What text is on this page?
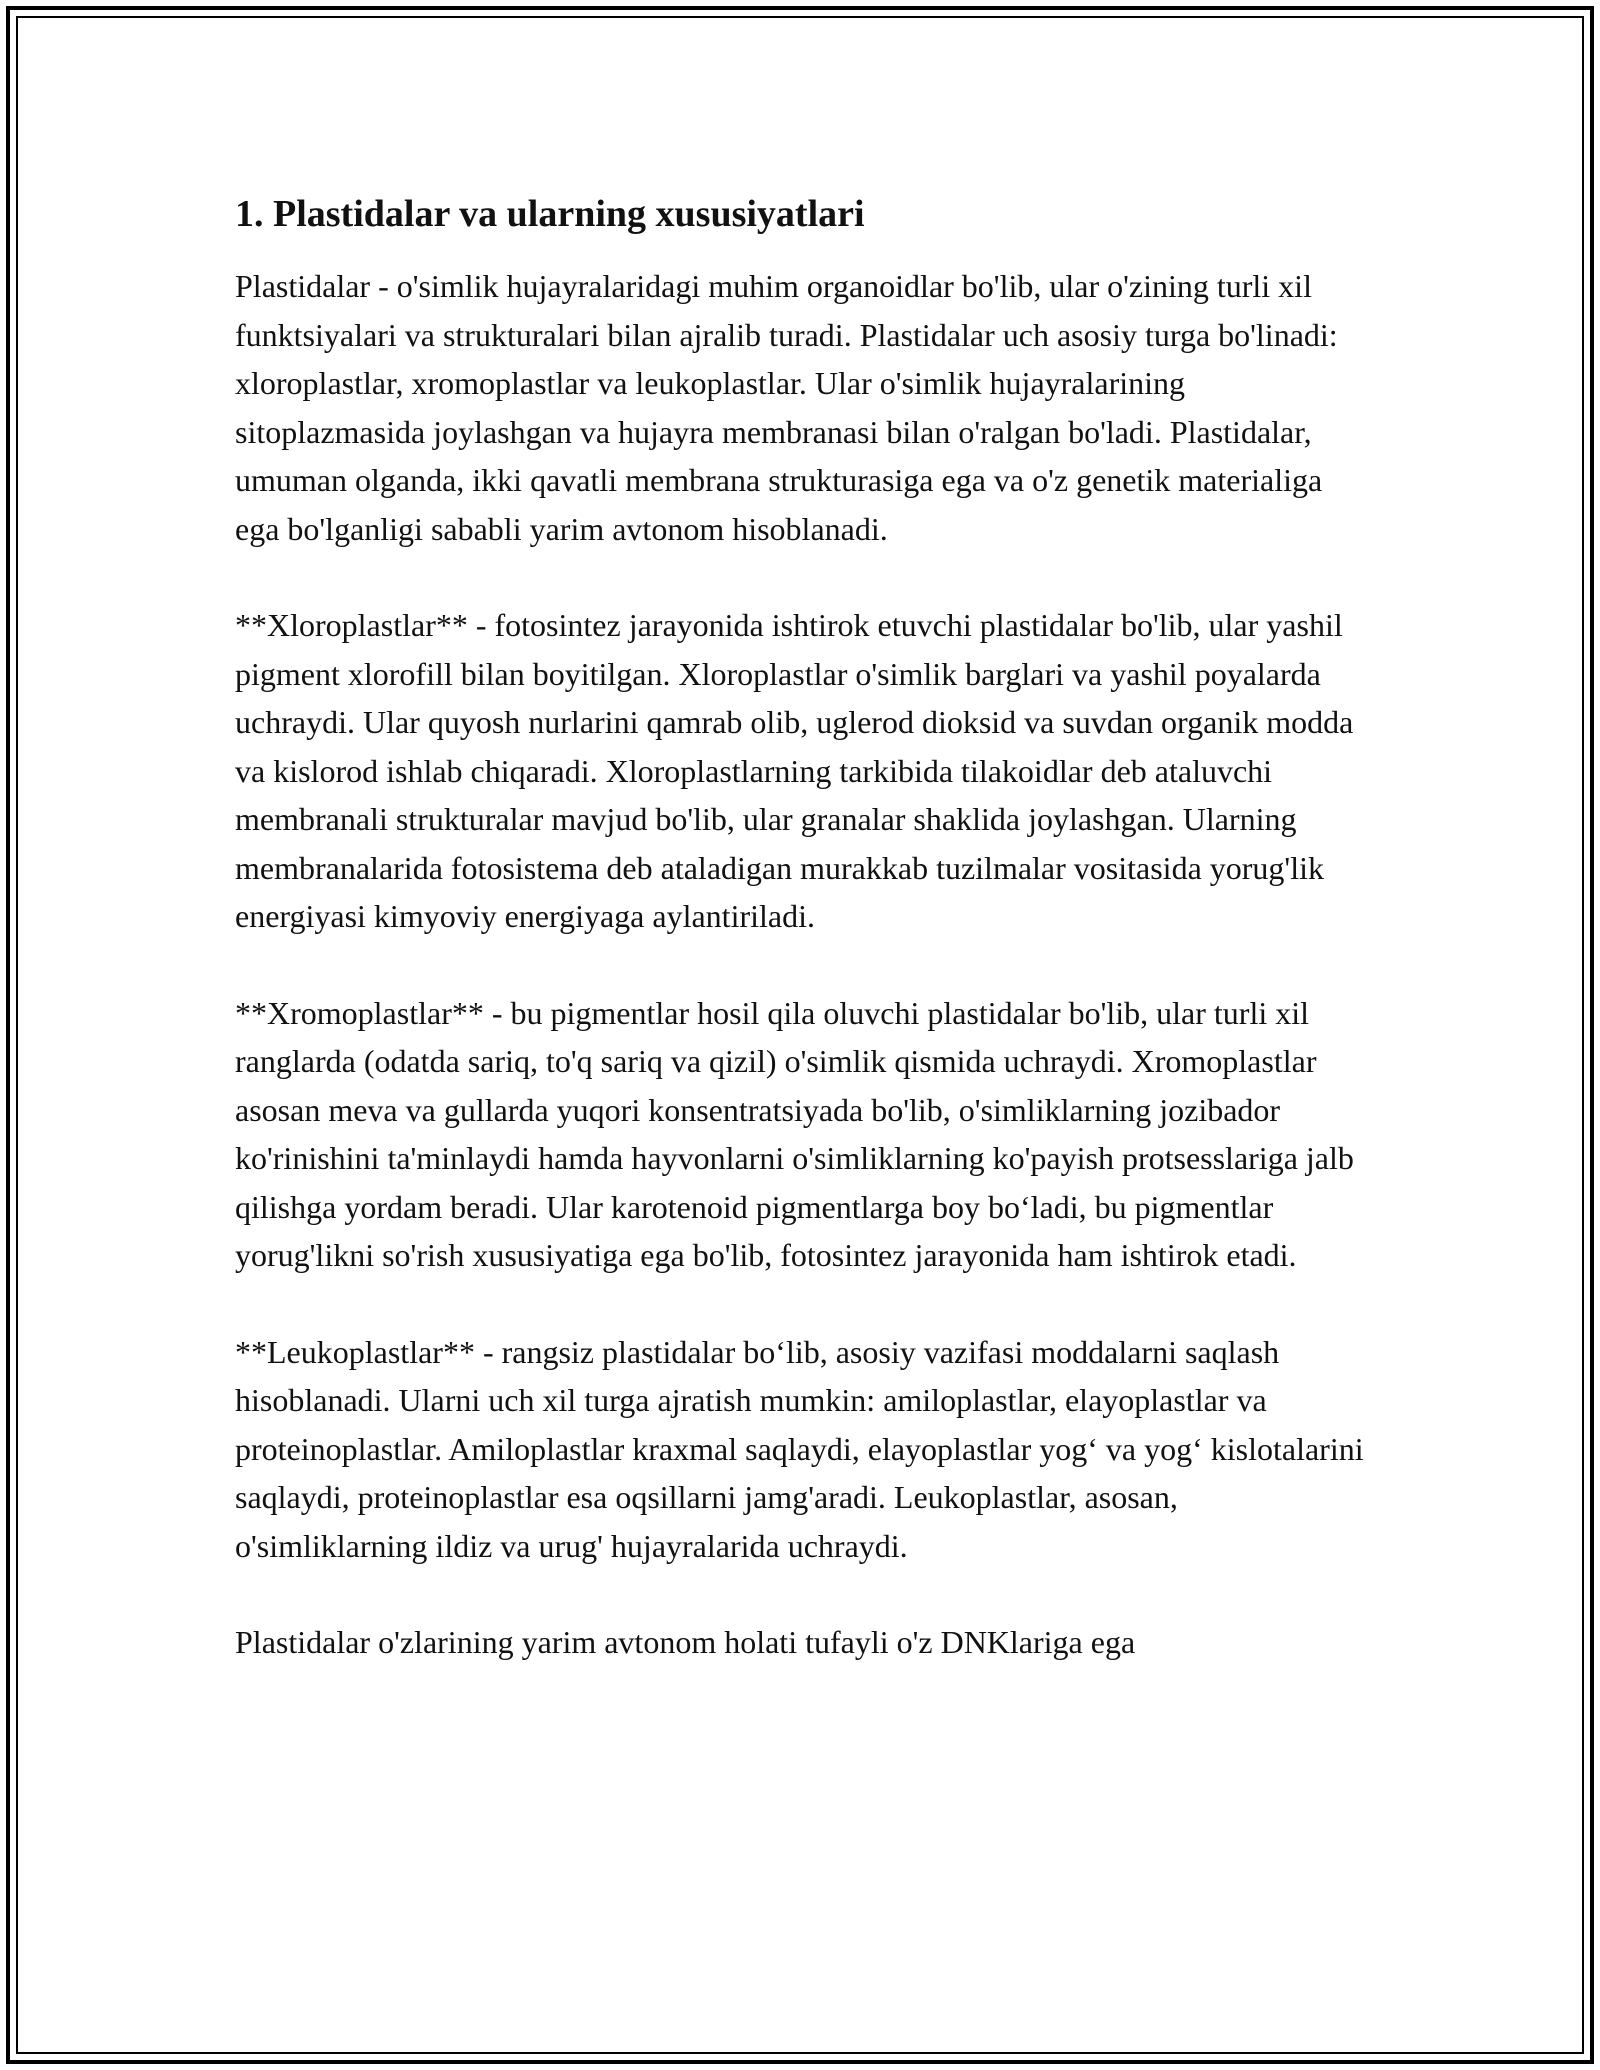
1. Plastidalar va ularning xususiyatlari

Plastidalar - o'simlik hujayralaridagi muhim organoidlar bo'lib, ular o'zining turli xil funktsiyalari va strukturalari bilan ajralib turadi. Plastidalar uch asosiy turga bo'linadi: xloroplastlar, xromoplastlar va leukoplastlar. Ular o'simlik hujayralarining sitoplazmasida joylashgan va hujayra membranasi bilan o'ralgan bo'ladi. Plastidalar, umuman olganda, ikki qavatli membrana strukturasiga ega va o'z genetik materialiga ega bo'lganligi sababli yarim avtonom hisoblanadi.

**Xloroplastlar** - fotosintez jarayonida ishtirok etuvchi plastidalar bo'lib, ular yashil pigment xlorofill bilan boyitilgan. Xloroplastlar o'simlik barglari va yashil poyalarda uchraydi. Ular quyosh nurlarini qamrab olib, uglerod dioksid va suvdan organik modda va kislorod ishlab chiqaradi. Xloroplastlarning tarkibida tilakoidlar deb ataluvchi membranali strukturalar mavjud bo'lib, ular granalar shaklida joylashgan. Ularning membranalarida fotosistema deb ataladigan murakkab tuzilmalar vositasida yorug'lik energiyasi kimyoviy energiyaga aylantiriladi.

**Xromoplastlar** - bu pigmentlar hosil qila oluvchi plastidalar bo'lib, ular turli xil ranglarda (odatda sariq, to'q sariq va qizil) o'simlik qismida uchraydi. Xromoplastlar asosan meva va gullarda yuqori konsentratsiyada bo'lib, o'simliklarning jozibador ko'rinishini ta'minlaydi hamda hayvonlarni o'simliklarning ko'payish protsesslariga jalb qilishga yordam beradi. Ular karotenoid pigmentlarga boy bo‘ladi, bu pigmentlar yorug'likni so'rish xususiyatiga ega bo'lib, fotosintez jarayonida ham ishtirok etadi.

**Leukoplastlar** - rangsiz plastidalar bo‘lib, asosiy vazifasi moddalarni saqlash hisoblanadi. Ularni uch xil turga ajratish mumkin: amiloplastlar, elayoplastlar va proteinoplastlar. Amiloplastlar kraxmal saqlaydi, elayoplastlar yog‘ va yog‘ kislotalarini saqlaydi, proteinoplastlar esa oqsillarni jamg'aradi. Leukoplastlar, asosan, o'simliklarning ildiz va urug' hujayralarida uchraydi.

Plastidalar o'zlarining yarim avtonom holati tufayli o'z DNKlariga ega
